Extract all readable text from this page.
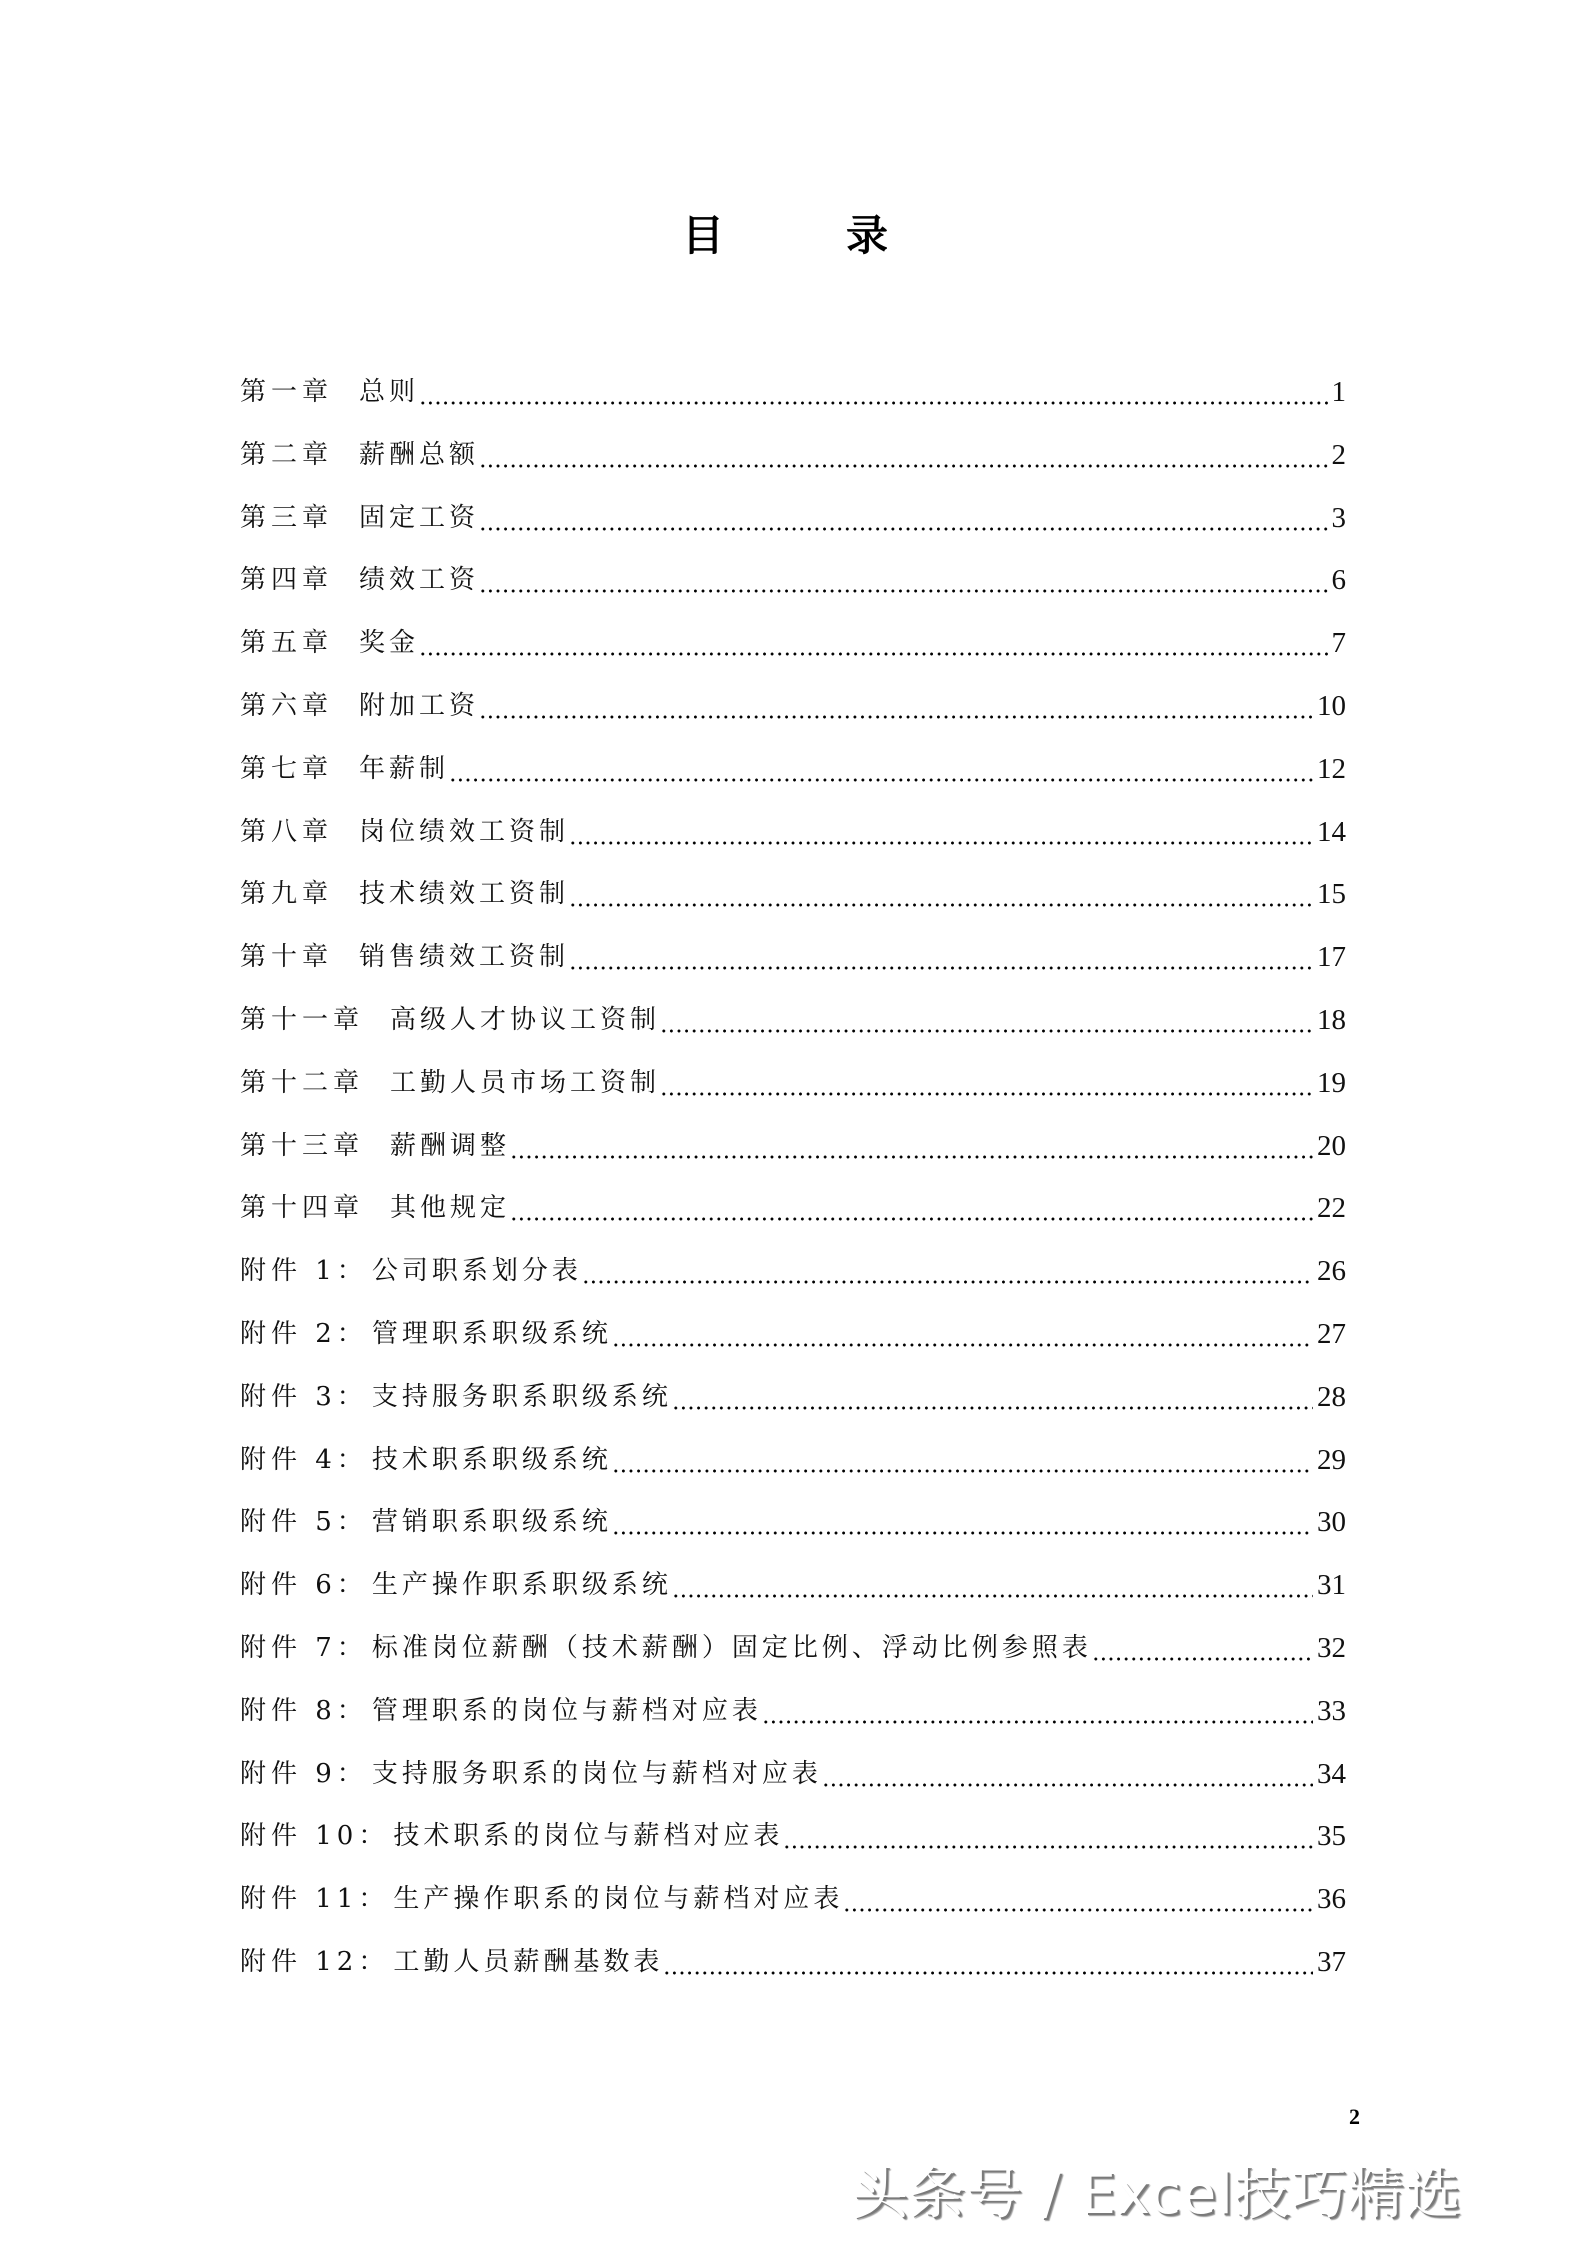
目	录
第一章 总则	1
第二章 薪酬总额	2
第三章 固定工资	3
第四章 绩效工资	6
第五章 奖金	7
第六章 附加工资	10
第七章 年薪制	12
第八章 岗位绩效工资制	14
第九章 技术绩效工资制	15
第十章 销售绩效工资制	17
第十一章 高级人才协议工资制	18
第十二章 工勤人员市场工资制	19
第十三章 薪酬调整	20
第十四章 其他规定	22
附件 1： 公司职系划分表	26
附件 2： 管理职系职级系统	27
附件 3： 支持服务职系职级系统	28
附件 4： 技术职系职级系统	29
附件 5： 营销职系职级系统	30
附件 6： 生产操作职系职级系统	31
附件 7： 标准岗位薪酬（技术薪酬）固定比例、浮动比例参照表	32
附件 8： 管理职系的岗位与薪档对应表	33
附件 9： 支持服务职系的岗位与薪档对应表	34
附件 10： 技术职系的岗位与薪档对应表	35
附件 11： 生产操作职系的岗位与薪档对应表	36
附件 12： 工勤人员薪酬基数表	37
2
头条号 / Excel技巧精选
